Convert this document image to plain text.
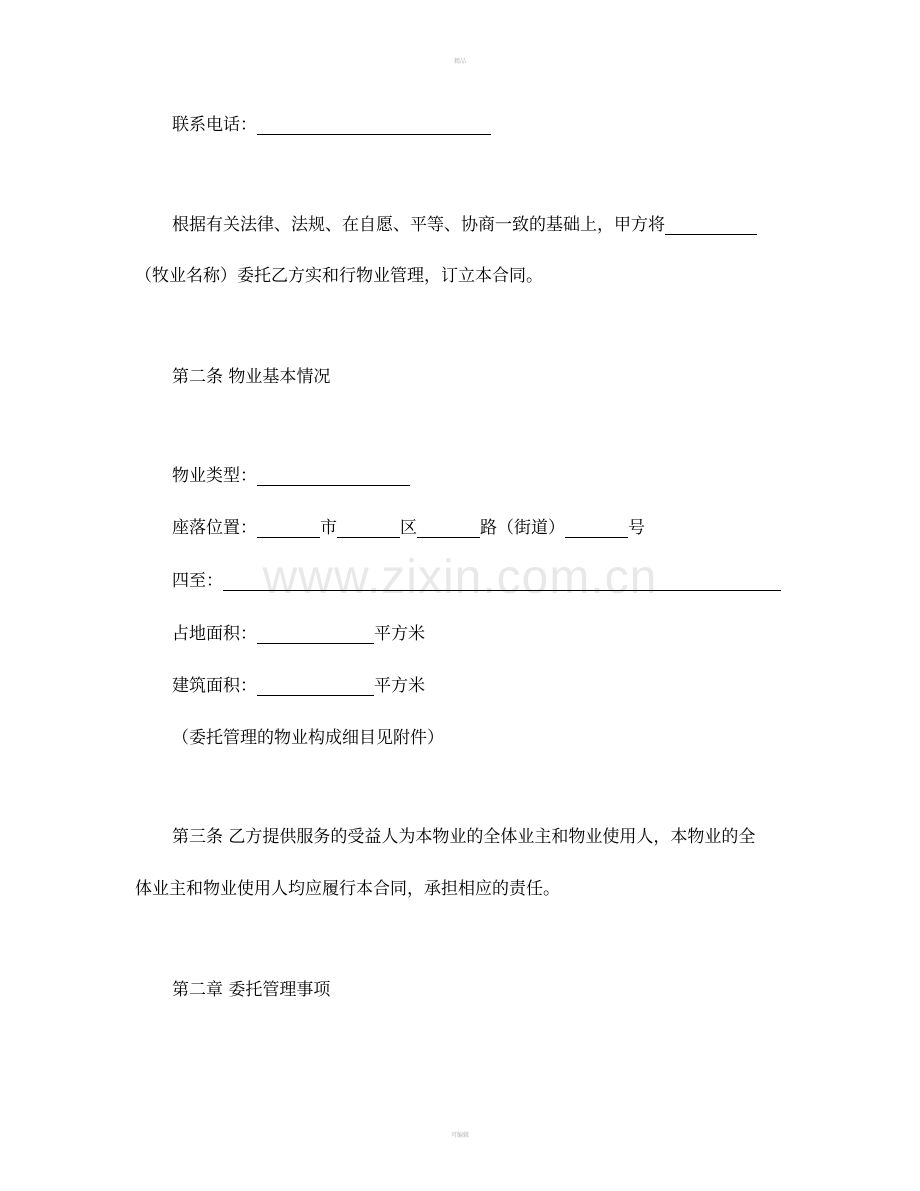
精品
www.zixin.com.cn
联系电话：
根据有关法律、法规、在自愿、平等、协商一致的基础上，甲方将
（牧业名称）委托乙方实和行物业管理，订立本合同。
第二条 物业基本情况
物业类型：
座落位置：	市	区	路（街道）	号
四至：
占地面积：	平方米
建筑面积：	平方米
（委托管理的物业构成细目见附件）
第三条 乙方提供服务的受益人为本物业的全体业主和物业使用人，本物业的全
体业主和物业使用人均应履行本合同，承担相应的责任。
第二章 委托管理事项
可编辑
